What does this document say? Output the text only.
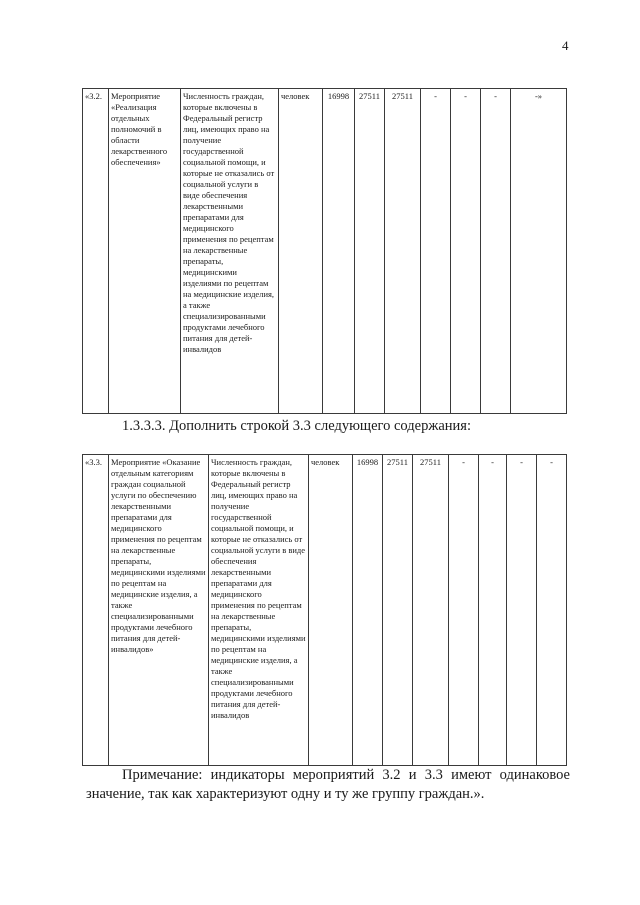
4
«3.2.	Мероприятие «Реализация отдельных полномочий в области лекарственного обеспечения»	Численность граждан, которые включены в Федеральный регистр лиц, имеющих право на получение государственной социальной помощи, и которые не отказались от социальной услуги в виде обеспечения лекарственными препаратами для медицинского применения по рецептам на лекарственные препараты, медицинскими изделиями по рецептам на медицинские изделия, а также специализированными продуктами лечебного питания для детей-инвалидов	человек	16998	27511	27511	-	-	-	-»
1.3.3.3. Дополнить строкой 3.3 следующего содержания:
«3.3.	Мероприятие «Оказание отдельным категориям граждан социальной услуги по обеспечению лекарственными препаратами для медицинского применения по рецептам на лекарственные препараты, медицинскими изделиями по рецептам на медицинские изделия, а также специализированными продуктами лечебного питания для детей-инвалидов»	Численность граждан, которые включены в Федеральный регистр лиц, имеющих право на получение государственной социальной помощи, и которые не отказались от социальной услуги в виде обеспечения лекарственными препаратами для медицинского применения по рецептам на лекарственные препараты, медицинскими изделиями по рецептам на медицинские изделия, а также специализированными продуктами лечебного питания для детей-инвалидов	человек	16998	27511	27511	-	-	-	-
Примечание: индикаторы мероприятий 3.2 и 3.3 имеют одинаковое
значение, так как характеризуют одну и ту же группу граждан.».
